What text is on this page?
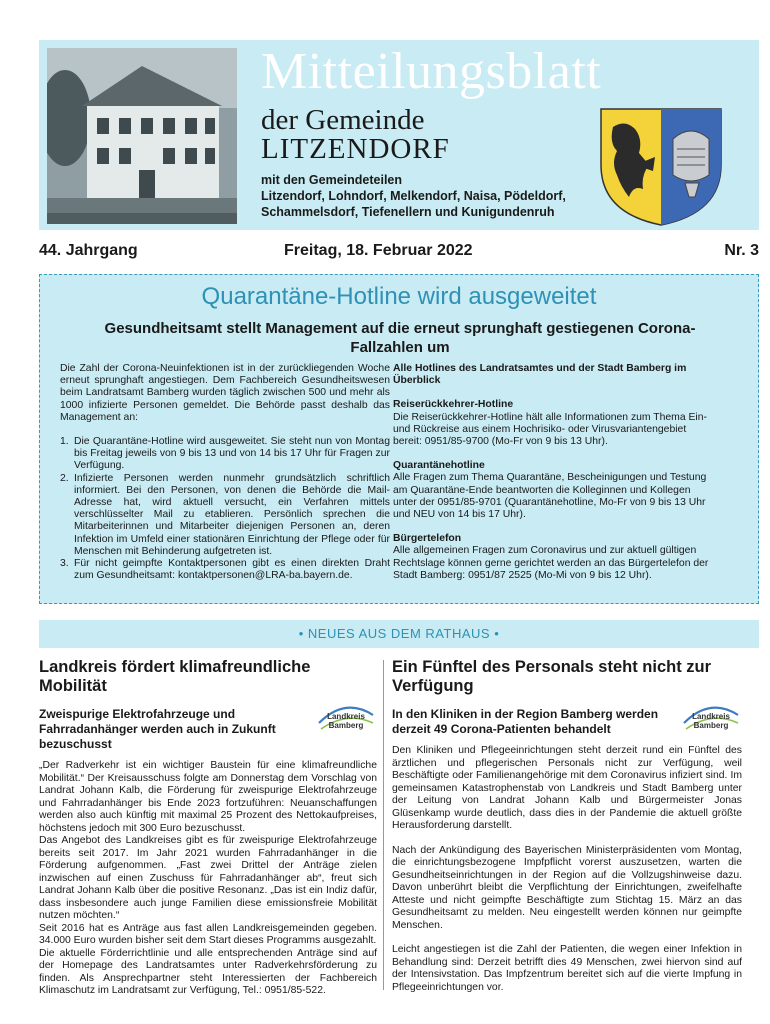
Mitteilungsblatt
der Gemeinde
LITZENDORF
mit den Gemeindeteilen
Litzendorf, Lohndorf, Melkendorf, Naisa, Pödeldorf,
Schammelsdorf, Tiefenellern und Kunigundenruh
44. Jahrgang	Freitag, 18. Februar 2022	Nr. 3
Quarantäne-Hotline wird ausgeweitet
Gesundheitsamt stellt Management auf die erneut sprunghaft gestiegenen Corona-Fallzahlen um

Die Zahl der Corona-Neuinfektionen ist in der zurückliegenden Woche erneut sprunghaft angestiegen. Dem Fachbereich Gesundheitswesen beim Landratsamt Bamberg wurden täglich zwischen 500 und mehr als 1000 infizierte Personen gemeldet. Die Behörde passt deshalb das Management an:

1. Die Quarantäne-Hotline wird ausgeweitet. Sie steht nun von Montag bis Freitag jeweils von 9 bis 13 und von 14 bis 17 Uhr für Fragen zur Verfügung.
2. Infizierte Personen werden nunmehr grundsätzlich schriftlich informiert. Bei den Personen, von denen die Behörde die Mail-Adresse hat, wird aktuell versucht, ein Verfahren mittels verschlüsselter Mail zu etablieren. Persönlich sprechen die Mitarbeiterinnen und Mitarbeiter diejenigen Personen an, deren Infektion im Umfeld einer stationären Einrichtung der Pflege oder für Menschen mit Behinderung aufgetreten ist.
3. Für nicht geimpfte Kontaktpersonen gibt es einen direkten Draht zum Gesundheitsamt: kontaktpersonen@LRA-ba.bayern.de.
Alle Hotlines des Landratsamtes und der Stadt Bamberg im Überblick
Reiserückkehrer-Hotline
Die Reiserückkehrer-Hotline hält alle Informationen zum Thema Ein- und Rückreise aus einem Hochrisiko- oder Virusvariantengebiet bereit: 0951/85-9700 (Mo-Fr von 9 bis 13 Uhr).
Quarantänehotline
Alle Fragen zum Thema Quarantäne, Bescheinigungen und Testung am Quarantäne-Ende beantworten die Kolleginnen und Kollegen unter der 0951/85-9701 (Quarantänehotline, Mo-Fr von 9 bis 13 Uhr und NEU von 14 bis 17 Uhr).
Bürgertelefon
Alle allgemeinen Fragen zum Coronavirus und zur aktuell gültigen Rechtslage können gerne gerichtet werden an das Bürgertelefon der Stadt Bamberg: 0951/87 2525 (Mo-Mi von 9 bis 12 Uhr).
• NEUES AUS DEM RATHAUS •
Landkreis fördert klimafreundliche Mobilität
Zweispurige Elektrofahrzeuge und Fahrradanhänger werden auch in Zukunft bezuschusst
Landkreis
Bamberg

„Der Radverkehr ist ein wichtiger Baustein für eine klimafreundliche Mobilität.“ Der Kreisausschuss folgte am Donnerstag dem Vorschlag von Landrat Johann Kalb, die Förderung für zweispurige Elektrofahrzeuge und Fahrradanhänger bis Ende 2023 fortzuführen: Neuanschaffungen werden also auch künftig mit maximal 25 Prozent des Nettokaufpreises, höchstens jedoch mit 300 Euro bezuschusst.

Das Angebot des Landkreises gibt es für zweispurige Elektrofahrzeuge bereits seit 2017. Im Jahr 2021 wurden Fahrradanhänger in die Förderung aufgenommen. „Fast zwei Drittel der Anträge zielen inzwischen auf einen Zuschuss für Fahrradanhänger ab“, freut sich Landrat Johann Kalb über die positive Resonanz. „Das ist ein Indiz dafür, dass insbesondere auch junge Familien diese emissionsfreie Mobilität nutzen möchten.“

Seit 2016 hat es Anträge aus fast allen Landkreisgemeinden gegeben. 34.000 Euro wurden bisher seit dem Start dieses Programms ausgezahlt.

Die aktuelle Förderrichtlinie und alle entsprechenden Anträge sind auf der Homepage des Landratsamtes unter Radverkehrsförderung zu finden. Als Ansprechpartner steht Interessierten der Fachbereich Klimaschutz im Landratsamt zur Verfügung, Tel.: 0951/85-522.

Ein Fünftel des Personals steht nicht zur Verfügung
In den Kliniken in der Region Bamberg werden derzeit 49 Corona-Patienten behandelt
Landkreis
Bamberg

Den Kliniken und Pflegeeinrichtungen steht derzeit rund ein Fünftel des ärztlichen und pflegerischen Personals nicht zur Verfügung, weil Beschäftigte oder Familienangehörige mit dem Coronavirus infiziert sind. Im gemeinsamen Katastrophenstab von Landkreis und Stadt Bamberg unter der Leitung von Landrat Johann Kalb und Bürgermeister Jonas Glüsenkamp wurde deutlich, dass dies in der Pandemie die aktuell größte Herausforderung darstellt.

Nach der Ankündigung des Bayerischen Ministerpräsidenten vom Montag, die einrichtungsbezogene Impfpflicht vorerst auszusetzen, warten die Gesundheitseinrichtungen in der Region auf die Vollzugshinweise dazu. Davon unberührt bleibt die Verpflichtung der Einrichtungen, zweifelhafte Atteste und nicht geimpfte Beschäftigte zum Stichtag 15. März an das Gesundheitsamt zu melden. Neu eingestellt werden können nur geimpfte Menschen.

Leicht angestiegen ist die Zahl der Patienten, die wegen einer Infektion in Behandlung sind: Derzeit betrifft dies 49 Menschen, zwei hiervon sind auf der Intensivstation. Das Impfzentrum bereitet sich auf die vierte Impfung in Pflegeeinrichtungen vor.
